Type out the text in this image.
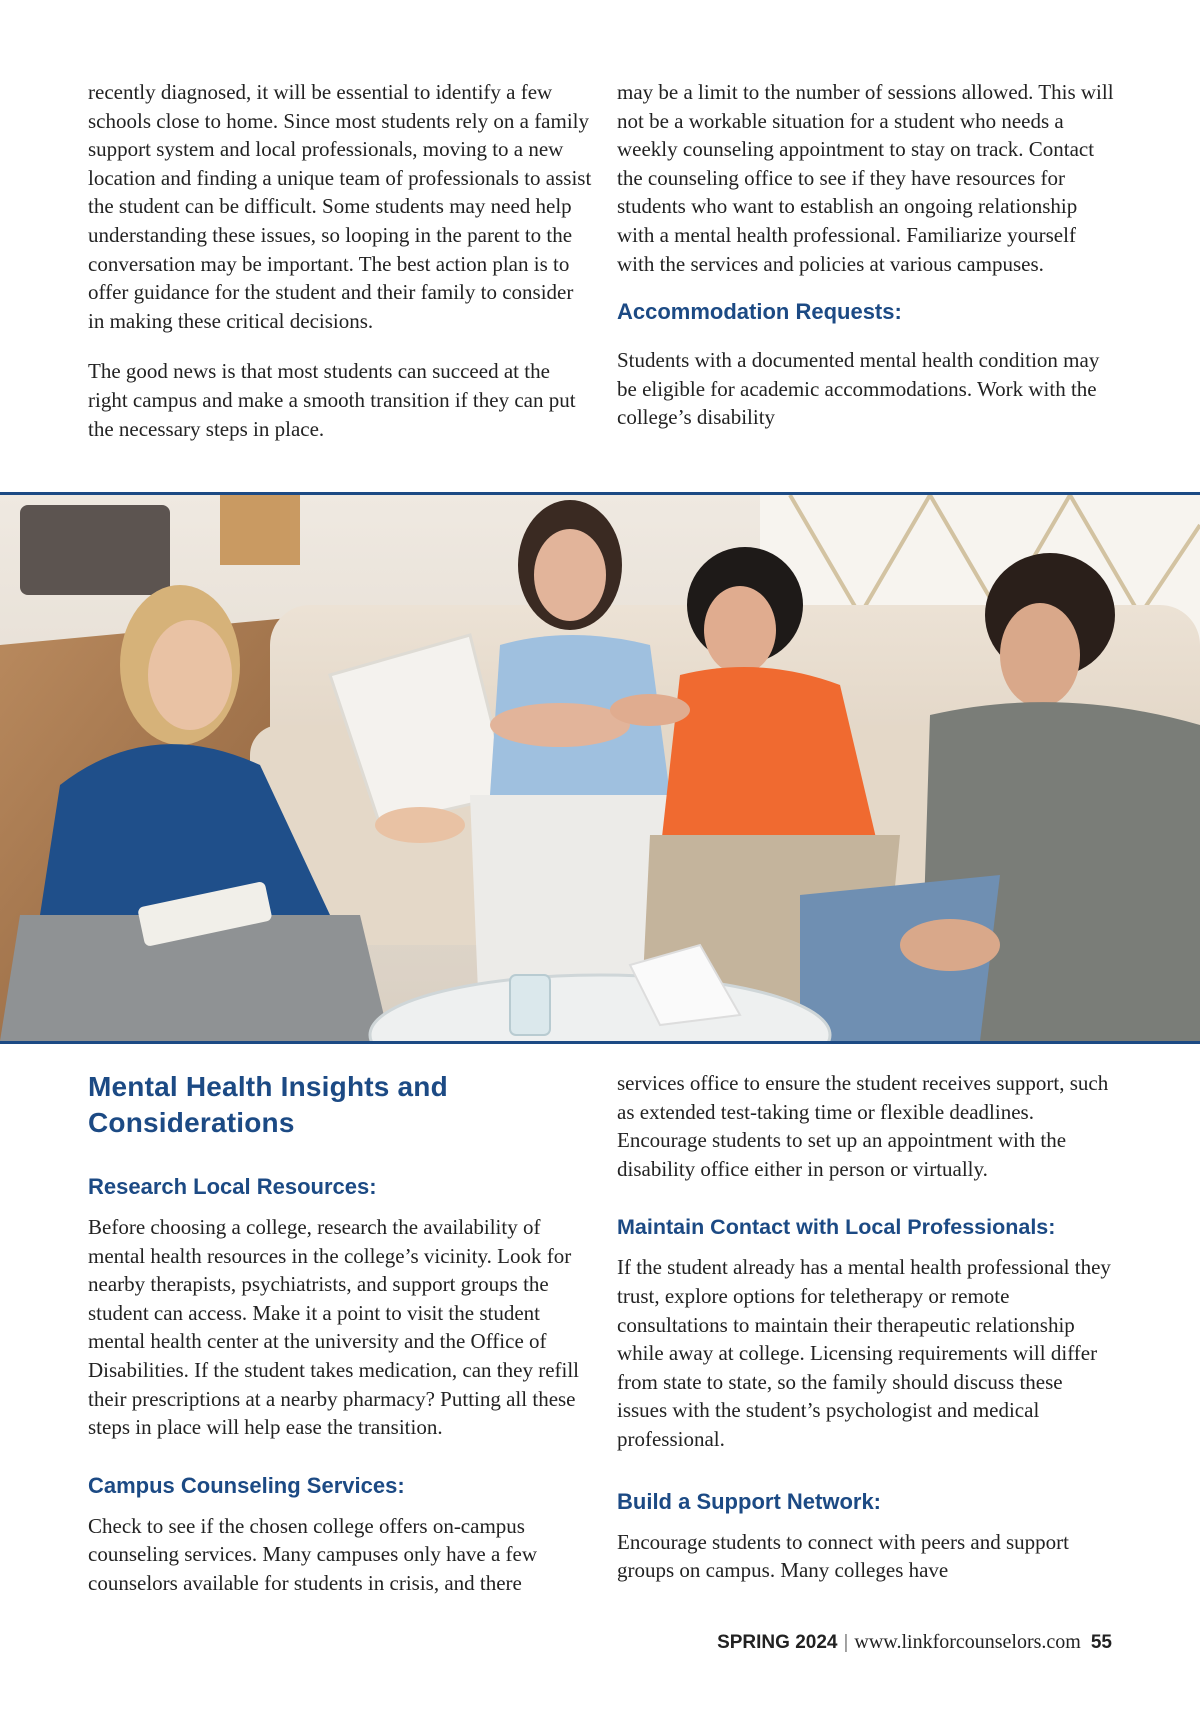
recently diagnosed, it will be essential to identify a few schools close to home. Since most students rely on a family support system and local professionals, moving to a new location and finding a unique team of professionals to assist the student can be difficult. Some students may need help understanding these issues, so looping in the parent to the conversation may be important. The best action plan is to offer guidance for the student and their family to consider in making these critical decisions.

The good news is that most students can succeed at the right campus and make a smooth transition if they can put the necessary steps in place.

may be a limit to the number of sessions allowed. This will not be a workable situation for a student who needs a weekly counseling appointment to stay on track. Contact the counseling office to see if they have resources for students who want to establish an ongoing relationship with a mental health professional. Familiarize yourself with the services and policies at various campuses.

Accommodation Requests:

Students with a documented mental health condition may be eligible for academic accommodations. Work with the college’s disability

Mental Health Insights and Considerations
Research Local Resources:

Before choosing a college, research the availability of mental health resources in the college’s vicinity. Look for nearby therapists, psychiatrists, and support groups the student can access. Make it a point to visit the student mental health center at the university and the Office of Disabilities. If the student takes medication, can they refill their prescriptions at a nearby pharmacy? Putting all these steps in place will help ease the transition.

Campus Counseling Services:

Check to see if the chosen college offers on-campus counseling services. Many campuses only have a few counselors available for students in crisis, and there

services office to ensure the student receives support, such as extended test-taking time or flexible deadlines. Encourage students to set up an appointment with the disability office either in person or virtually.

Maintain Contact with Local Professionals:

If the student already has a mental health professional they trust, explore options for teletherapy or remote consultations to maintain their therapeutic relationship while away at college. Licensing requirements will differ from state to state, so the family should discuss these issues with the student’s psychologist and medical professional.

Build a Support Network:

Encourage students to connect with peers and support groups on campus. Many colleges have

SPRING 2024 | www.linkforcounselors.com 55
